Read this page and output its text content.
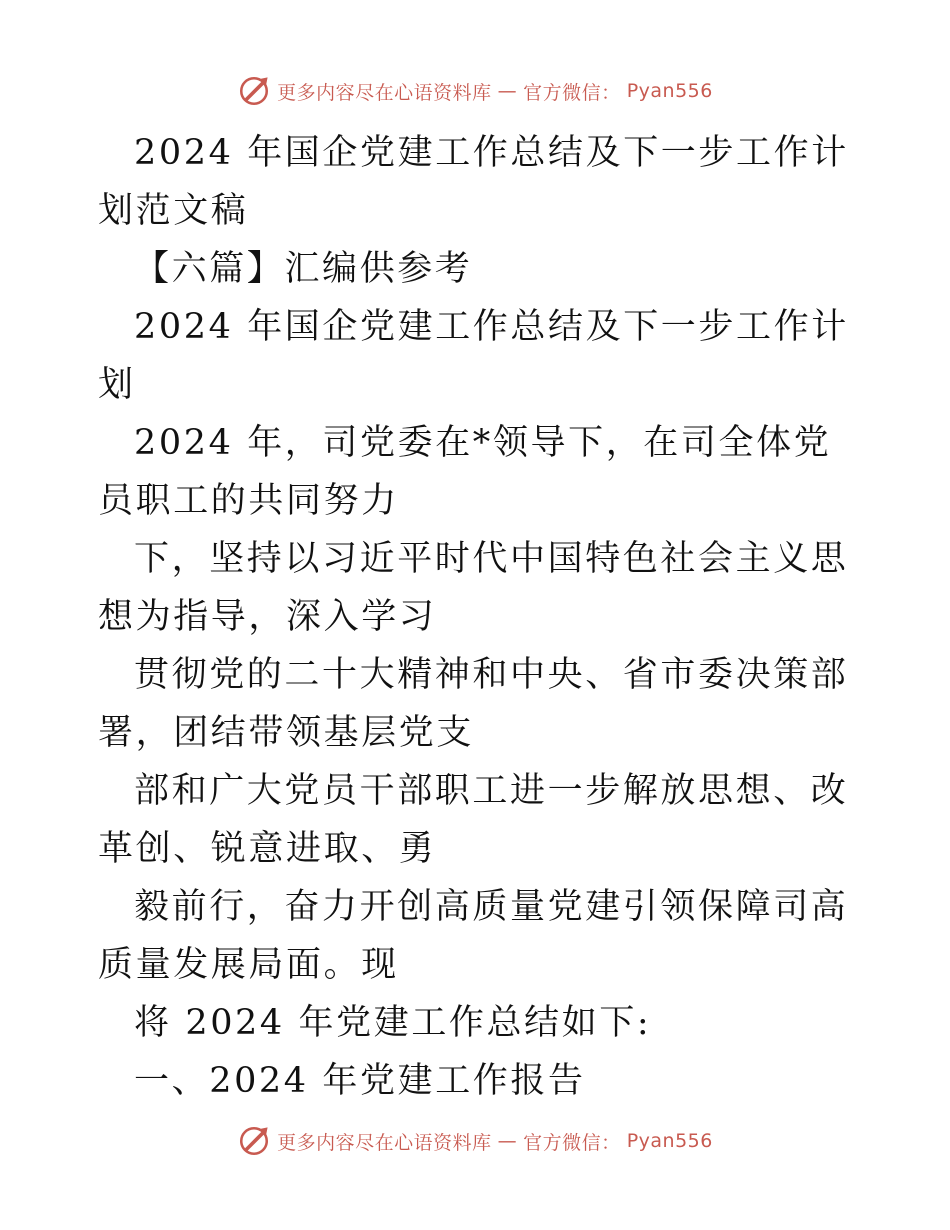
更多内容尽在心语资料库 — 官方微信： Pyan556

2024 年国企党建工作总结及下一步工作计划范文稿

【六篇】汇编供参考

2024 年国企党建工作总结及下一步工作计划

2024 年，司党委在*领导下，在司全体党员职工的共同努力

下，坚持以习近平时代中国特色社会主义思想为指导，深入学习

贯彻党的二十大精神和中央、省市委决策部署，团结带领基层党支

部和广大党员干部职工进一步解放思想、改革创、锐意进取、勇

毅前行，奋力开创高质量党建引领保障司高质量发展局面。现

将 2024 年党建工作总结如下:

一、2024 年党建工作报告

更多内容尽在心语资料库 — 官方微信： Pyan556
